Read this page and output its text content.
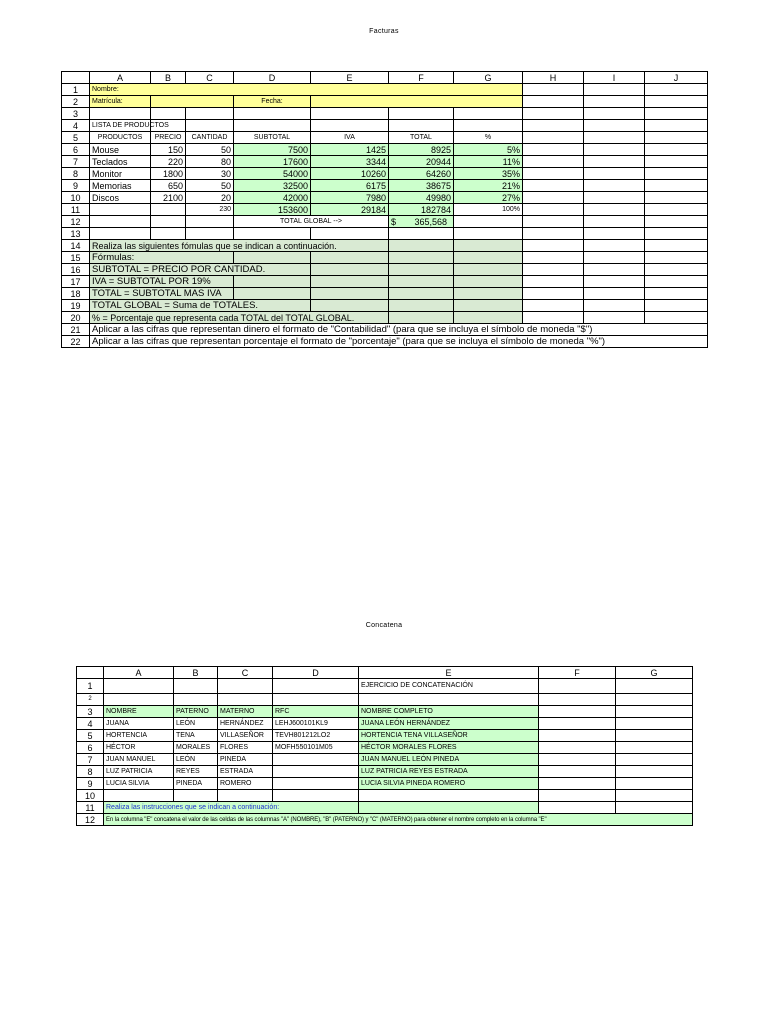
Facturas
	A	B	C	D	E	F	G	H	I	J
1	Nombre:									
2	Matrícula:			Fecha:						
3										
4	LISTA DE PRODUCTOS									
5	PRODUCTOS	PRECIO	CANTIDAD	SUBTOTAL	IVA	TOTAL	%			
6	Mouse	150	50	7500	1425	8925	5%			
7	Teclados	220	80	17600	3344	20944	11%			
8	Monitor	1800	30	54000	10260	64260	35%			
9	Memorias	650	50	32500	6175	38675	21%			
10	Discos	2100	20	42000	7980	49980	27%			
11			230	153600	29184	182784	100%			
12				TOTAL GLOBAL -->		$ 365,568				

13										
14	Realiza las siguientes fómulas que se indican a continuación.									
15	Fórmulas:									
16	SUBTOTAL = PRECIO POR CANTIDAD.									
17	IVA = SUBTOTAL POR 19%									
18	TOTAL = SUBTOTAL MAS IVA									
19	TOTAL GLOBAL = Suma de TOTALES.									
20	% = Porcentaje que representa cada TOTAL del TOTAL GLOBAL.									
21	Aplicar a las cifras que representan dinero el formato de "Contabilidad" (para que se incluya el símbolo de moneda "$")									
22	Aplicar a las cifras que representan porcentaje el formato de "porcentaje" (para que se incluya el símbolo de moneda "%")									
Concatena
	A	B	C	D	E	F	G
1					EJERCICIO DE CONCATENACIÓN		
2							
3	NOMBRE	PATERNO	MATERNO	RFC	NOMBRE COMPLETO		
4	JUANA	LEÓN	HERNÁNDEZ	LEHJ600101KL9	JUANA LEÓN HERNÁNDEZ		
5	HORTENCIA	TENA	VILLASEÑOR	TEVH801212LO2	HORTENCIA TENA VILLASEÑOR		
6	HÉCTOR	MORALES	FLORES	MOFH550101M05	HÉCTOR MORALES FLORES		
7	JUAN MANUEL	LEÓN	PINEDA		JUAN MANUEL LEÓN PINEDA		
8	LUZ PATRICIA	REYES	ESTRADA		LUZ PATRICIA REYES ESTRADA		
9	LUCIA SILVIA	PINEDA	ROMERO		LUCIA SILVIA PINEDA ROMERO		
10							
11	Realiza las instrucciones que se indican a continuación:						
12	En la columna "E" concatena el valor de las celdas de las columnas "A" (NOMBRE), "B" (PATERNO) y "C" (MATERNO) para obtener el nombre completo en la columna "E"						
